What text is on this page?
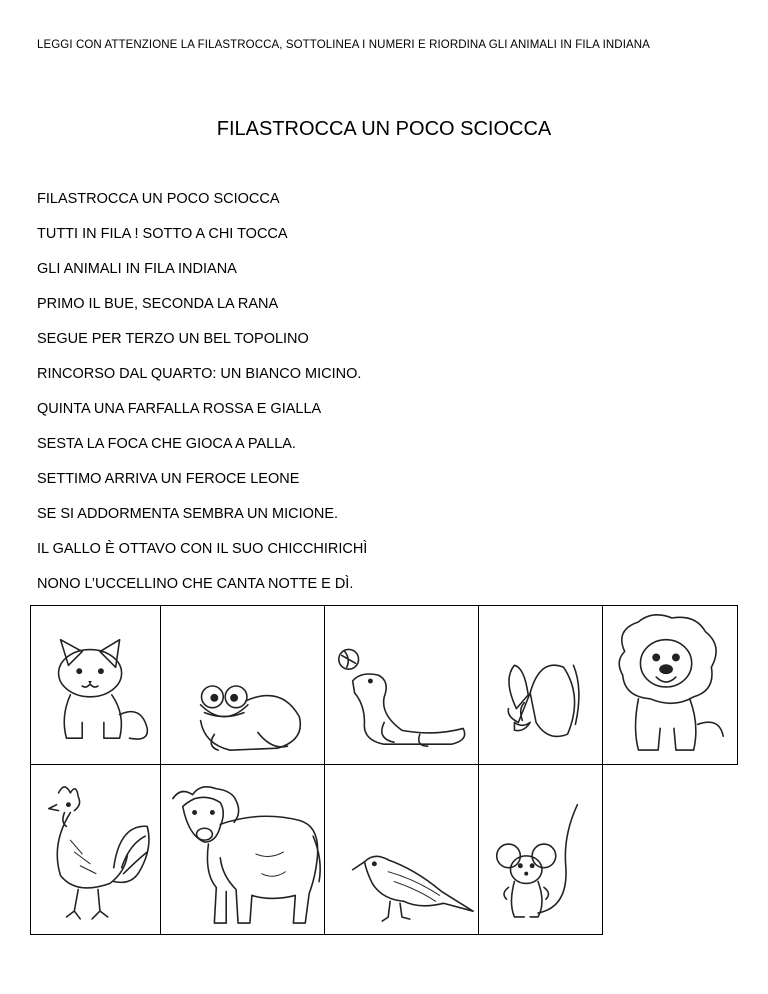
LEGGI CON ATTENZIONE LA FILASTROCCA, SOTTOLINEA I NUMERI E RIORDINA GLI ANIMALI IN FILA INDIANA
FILASTROCCA UN POCO SCIOCCA
FILASTROCCA UN POCO SCIOCCA
TUTTI IN FILA ! SOTTO A CHI TOCCA
GLI ANIMALI IN FILA INDIANA
PRIMO IL BUE, SECONDA LA RANA
SEGUE PER TERZO UN BEL TOPOLINO
RINCORSO DAL QUARTO: UN BIANCO MICINO.
QUINTA UNA FARFALLA ROSSA E GIALLA
SESTA LA FOCA CHE GIOCA A PALLA.
SETTIMO ARRIVA UN FEROCE LEONE
SE SI ADDORMENTA SEMBRA UN MICIONE.
IL GALLO È OTTAVO CON IL SUO CHICCHIRICHÌ
NONO L’UCCELLINO CHE CANTA NOTTE E DÌ.
